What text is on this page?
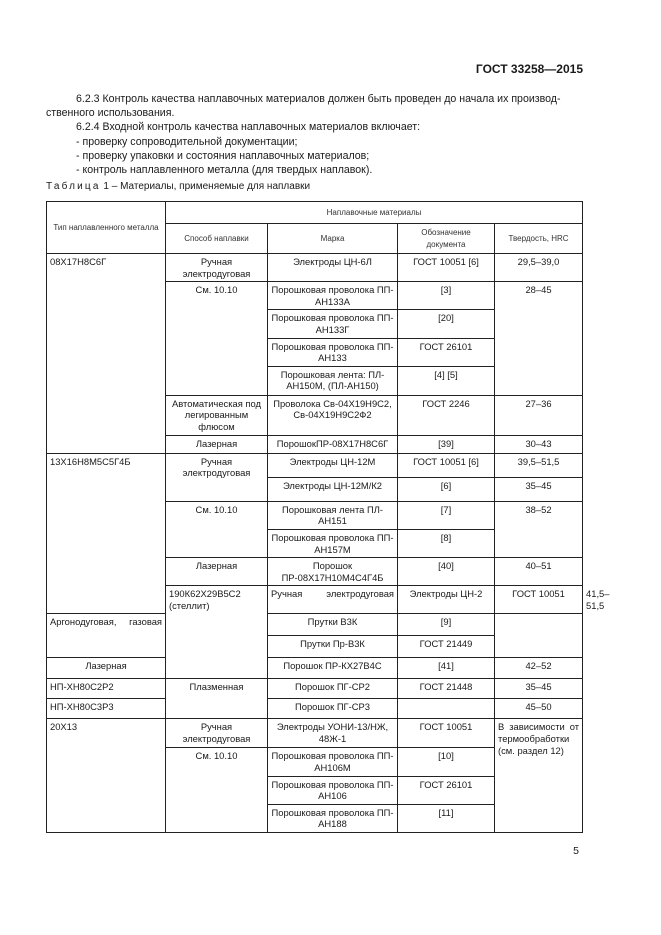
ГОСТ 33258—2015

6.2.3 Контроль качества наплавочных материалов должен быть проведен до начала их производ-

ственного использования.

6.2.4 Входной контроль качества наплавочных материалов включает:

- проверку сопроводительной документации;

- проверку упаковки и состояния наплавочных материалов;

- контроль наплавленного металла (для твердых наплавок).

Таблица 1 – Материалы, применяемые для наплавки
Тип наплавленного металла	Наплавочные материалы				
	Способ наплавки	Марка	Обозначение документа	Твердость, HRC	
08Х17Н8С6Г	Ручная электродуговая	Электроды ЦН-6Л	ГОСТ 10051 [6]	29,5–39,0	
	См. 10.10	Порошковая проволока ПП-АН133А	[3]	28–45	
		Порошковая проволока ПП-АН133Г	[20]		
		Порошковая проволока ПП-АН133	ГОСТ 26101		
		Порошковая лента: ПЛ-АН150М, (ПЛ-АН150)	[4] [5]		
	Автоматическая под легированным флюсом	Проволока Св-04Х19Н9С2, Св-04Х19Н9С2Ф2	ГОСТ 2246	27–36	
	Лазерная	ПорошокПР-08Х17Н8С6Г	[39]	30–43	
13Х16Н8М5С5Г4Б	Ручная электродуговая	Электроды ЦН-12М	ГОСТ 10051 [6]	39,5–51,5	
		Электроды ЦН-12М/К2	[6]	35–45	
	См. 10.10	Порошковая лента ПЛ-АН151	[7]	38–52	
		Порошковая проволока ПП-АН157М	[8]		
	Лазерная	Порошок ПР-08Х17Н10М4С4Г4Б	[40]	40–51	
	190К62Х29В5С2 (стеллит)	Ручная электродуговая	Электроды ЦН-2	ГОСТ 10051	41,5–51,5
Аргонодуговая, газовая		Прутки В3К	[9]		
		Прутки Пр-В3К	ГОСТ 21449		
Лазерная		Порошок ПР-КХ27В4С	[41]	42–52	
НП-ХН80С2Р2	Плазменная	Порошок ПГ-СР2	ГОСТ 21448	35–45	
НП-ХН80С3Р3		Порошок ПГ-СР3		45–50	
20Х13	Ручная электродуговая	Электроды УОНИ-13/НЖ, 48Ж-1	ГОСТ 10051	В зависимости от термообработки (см. раздел 12)	
	См. 10.10	Порошковая проволока ПП-АН106М	[10]		
		Порошковая проволока ПП-АН106	ГОСТ 26101		
		Порошковая проволока ПП-АН188	[11]		
5
